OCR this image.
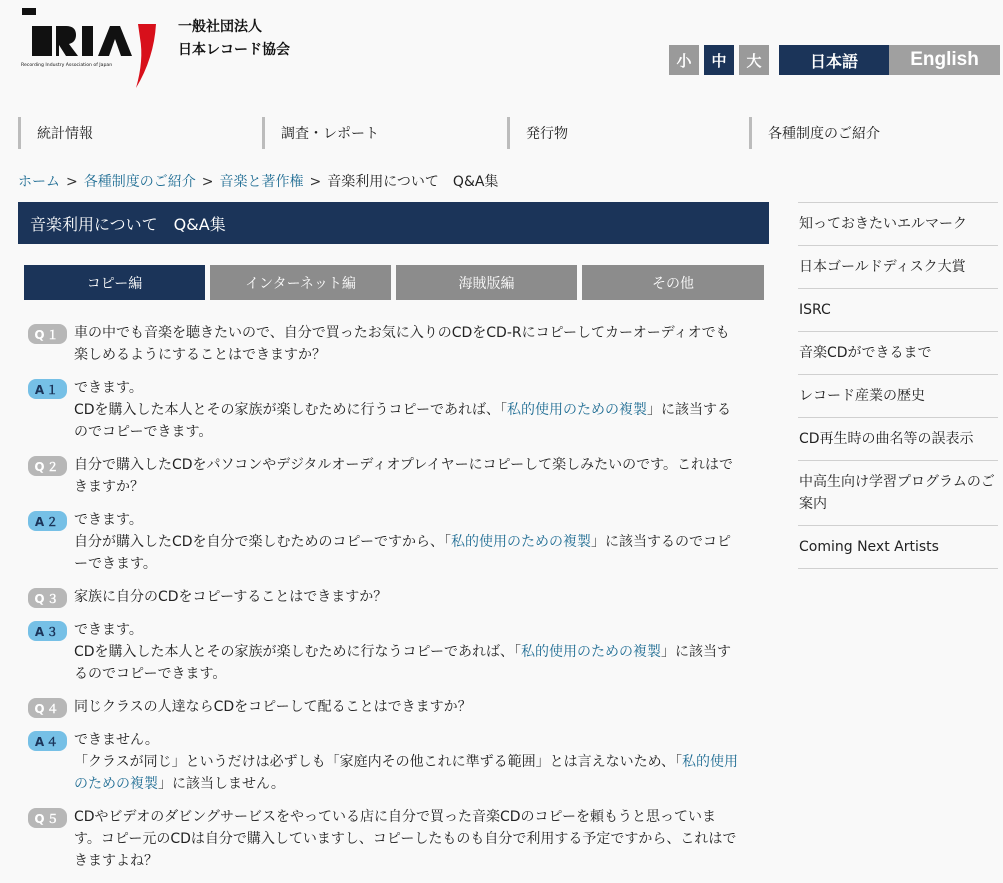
Recording Industry Association of Japan
一般社団法人
日本レコード協会
小	中	大	日本語	English
統計情報	調査・レポート	発行物	各種制度のご紹介
ホーム > 各種制度のご紹介 > 音楽と著作権 > 音楽利用について　Q&A集
音楽利用について　Q&A集
コピー編	インターネット編	海賊版編	その他
Q１ 車の中でも音楽を聴きたいので、自分で買ったお気に入りのCDをCD-Rにコピーしてカーオーディオでも楽しめるようにすることはできますか？
A１ できます。
CDを購入した本人とその家族が楽しむために行うコピーであれば、「私的使用のための複製」に該当するのでコピーできます。
Q２ 自分で購入したCDをパソコンやデジタルオーディオプレイヤーにコピーして楽しみたいのです。これはできますか？
A２ できます。
自分が購入したCDを自分で楽しむためのコピーですから、「私的使用のための複製」に該当するのでコピーできます。
Q３ 家族に自分のCDをコピーすることはできますか？
A３ できます。
CDを購入した本人とその家族が楽しむために行なうコピーであれば、「私的使用のための複製」に該当するのでコピーできます。
Q４ 同じクラスの人達ならCDをコピーして配ることはできますか？
A４ できません。
「クラスが同じ」というだけは必ずしも「家庭内その他これに準ずる範囲」とは言えないため、「私的使用のための複製」に該当しません。
Q５ CDやビデオのダビングサービスをやっている店に自分で買った音楽CDのコピーを頼もうと思っています。コピー元のCDは自分で購入していますし、コピーしたものも自分で利用する予定ですから、これはできますよね？
知っておきたいエルマーク
日本ゴールドディスク大賞
ISRC
音楽CDができるまで
レコード産業の歴史
CD再生時の曲名等の誤表示
中高生向け学習プログラムのご案内
Coming Next Artists
